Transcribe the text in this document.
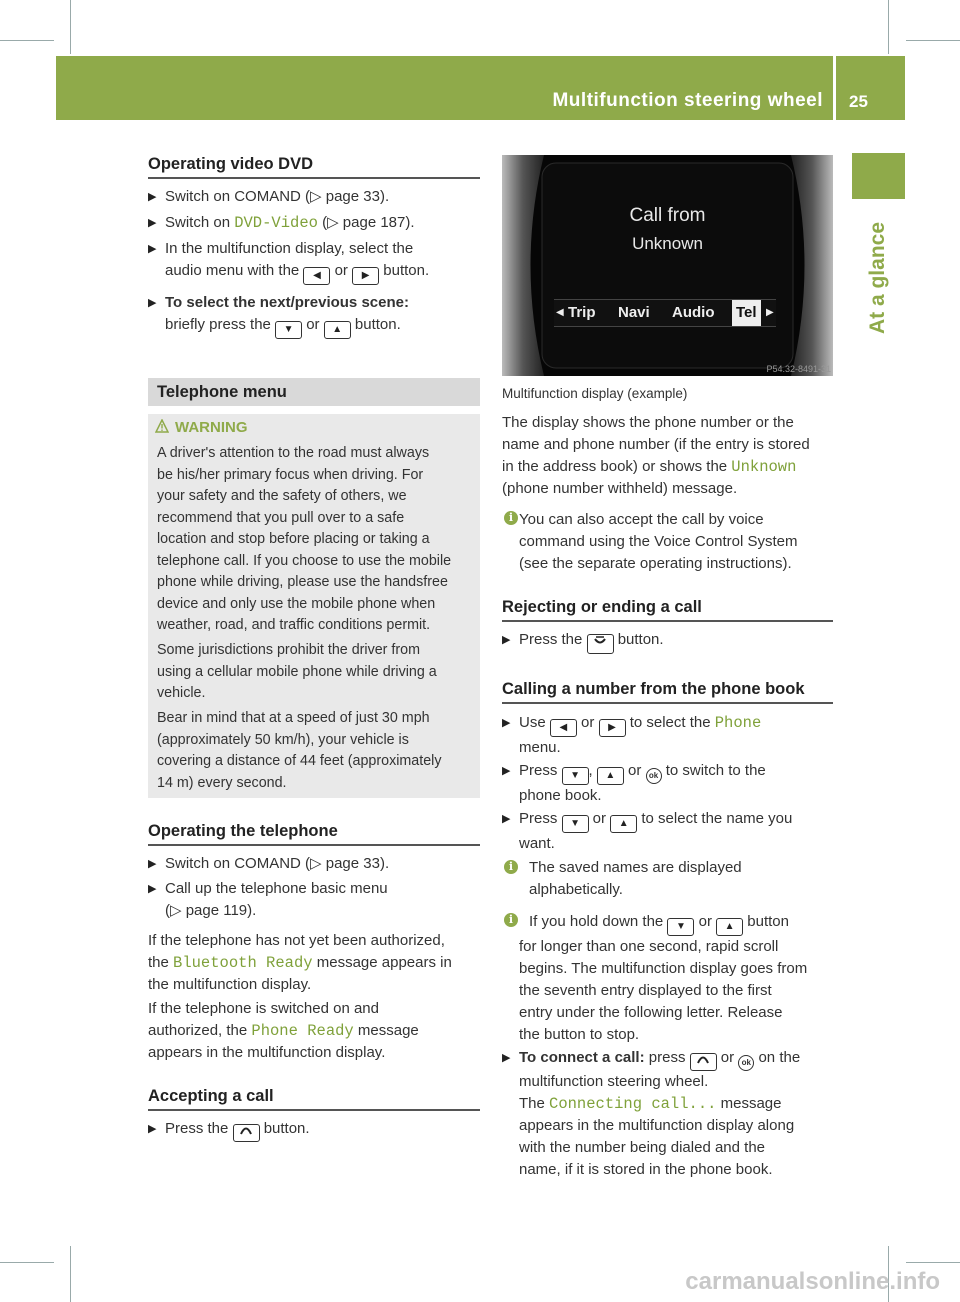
Multifunction steering wheel 25
At a glance
Operating video DVD
▶ Switch on COMAND (▷ page 33).
▶ Switch on DVD-Video (▷ page 187).
▶ In the multifunction display, select the
audio menu with the ◀ or ▶ button.
▶ To select the next/previous scene:
briefly press the ▼ or ▲ button.
Telephone menu
WARNING
A driver's attention to the road must always
be his/her primary focus when driving. For
your safety and the safety of others, we
recommend that you pull over to a safe
location and stop before placing or taking a
telephone call. If you choose to use the mobile
phone while driving, please use the handsfree
device and only use the mobile phone when
weather, road, and traffic conditions permit.
Some jurisdictions prohibit the driver from
using a cellular mobile phone while driving a
vehicle.
Bear in mind that at a speed of just 30 mph
(approximately 50 km/h), your vehicle is
covering a distance of 44 feet (approximately
14 m) every second.
Operating the telephone
▶ Switch on COMAND (▷ page 33).
▶ Call up the telephone basic menu
(▷ page 119).
If the telephone has not yet been authorized,
the Bluetooth Ready message appears in
the multifunction display.
If the telephone is switched on and
authorized, the Phone Ready message
appears in the multifunction display.
Accepting a call
▶ Press the  button.
Call from
Unknown
◀ Trip Navi Audio Tel ▶
P54.32-8491-31
Multifunction display (example)
The display shows the phone number or the
name and phone number (if the entry is stored
in the address book) or shows the Unknown
(phone number withheld) message.
i You can also accept the call by voice
command using the Voice Control System
(see the separate operating instructions).
Rejecting or ending a call
▶ Press the  button.
Calling a number from the phone book
▶ Use ◀ or ▶ to select the Phone
menu.
▶ Press ▼ , ▲ or ok to switch to the
phone book.
▶ Press ▼ or ▲ to select the name you
want.
i	The saved names are displayed
alphabetically.
i	If you hold down the ▼ or ▲ button
for longer than one second, rapid scroll
begins. The multifunction display goes from
the seventh entry displayed to the first
entry under the following letter. Release
the button to stop.
▶ To connect a call: press  or ok on the
multifunction steering wheel.
The Connecting call... message
appears in the multifunction display along
with the number being dialed and the
name, if it is stored in the phone book.
carmanualsonline.info
